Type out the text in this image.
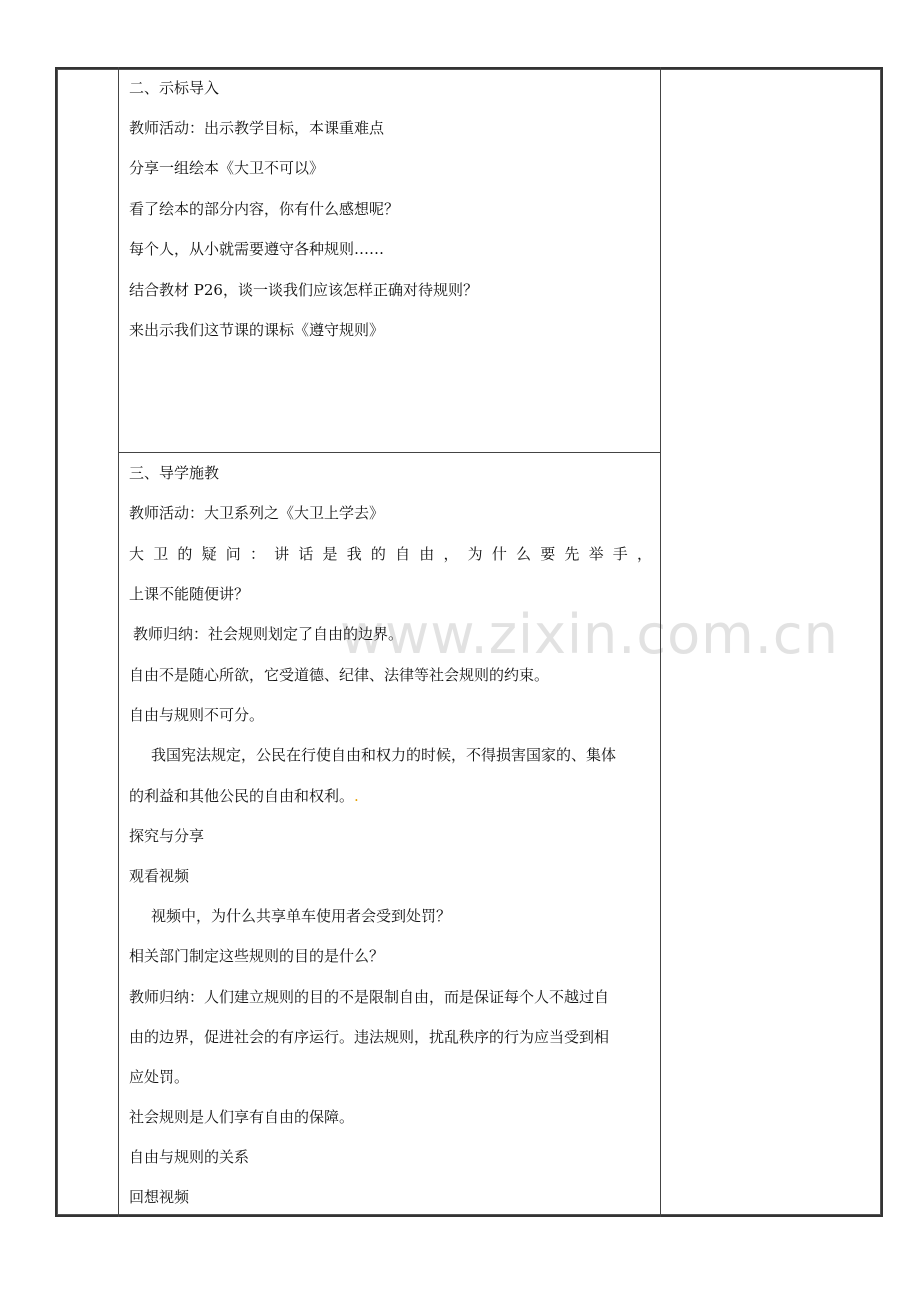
www.zixin.com.cn
二、示标导入
教师活动：出示教学目标，本课重难点
分享一组绘本《大卫不可以》
看了绘本的部分内容，你有什么感想呢？
每个人，从小就需要遵守各种规则……
结合教材 P26，谈一谈我们应该怎样正确对待规则？
来出示我们这节课的课标《遵守规则》
三、导学施教
教师活动：大卫系列之《大卫上学去》
大 卫 的 疑 问 ： 讲 话 是 我 的 自 由 ， 为 什 么 要 先 举 手 ，
上课不能随便讲？
教师归纳：社会规则划定了自由的边界。
自由不是随心所欲，它受道德、纪律、法律等社会规则的约束。
自由与规则不可分。
我国宪法规定，公民在行使自由和权力的时候，不得损害国家的、集体
的利益和其他公民的自由和权利。.
探究与分享
观看视频
视频中，为什么共享单车使用者会受到处罚？
相关部门制定这些规则的目的是什么？
教师归纳：人们建立规则的目的不是限制自由，而是保证每个人不越过自
由的边界，促进社会的有序运行。违法规则，扰乱秩序的行为应当受到相
应处罚。
社会规则是人们享有自由的保障。
自由与规则的关系
回想视频
